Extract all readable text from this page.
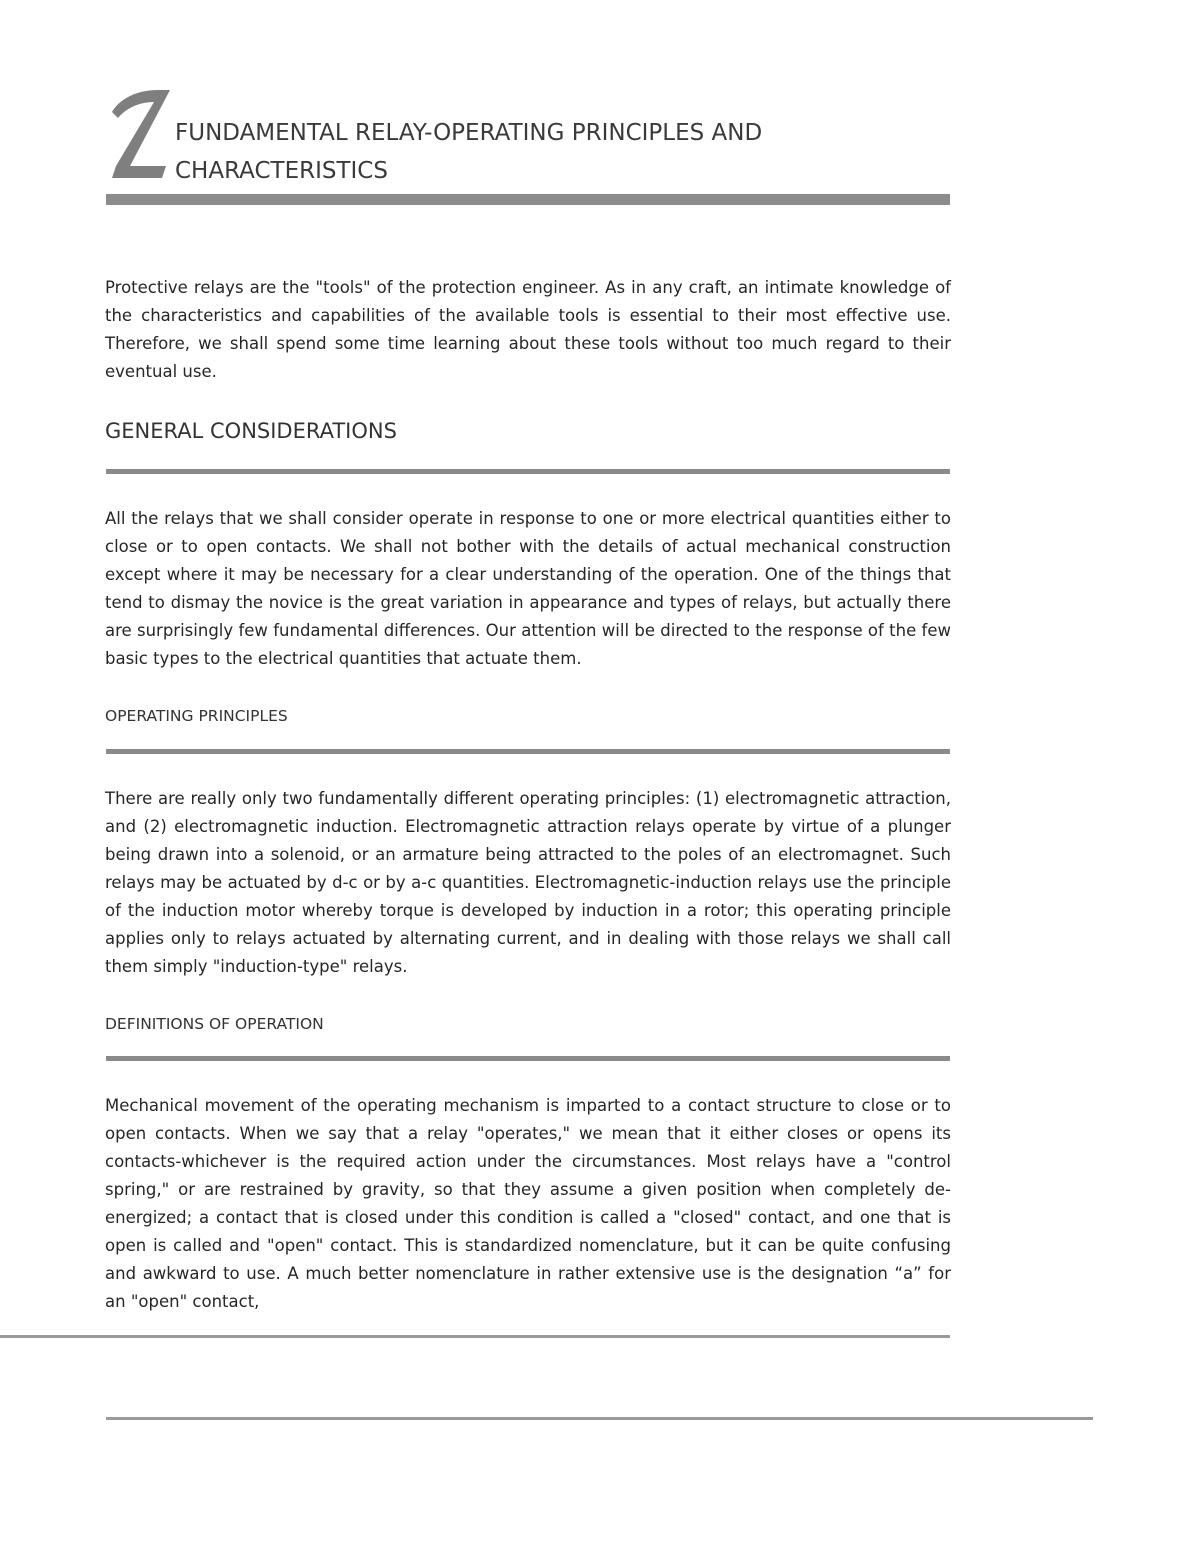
FUNDAMENTAL RELAY-OPERATING PRINCIPLES AND
CHARACTERISTICS

Protective relays are the "tools" of the protection engineer. As in any craft, an intimate knowledge of the characteristics and capabilities of the available tools is essential to their most effective use. Therefore, we shall spend some time learning about these tools without too much regard to their eventual use.

GENERAL CONSIDERATIONS

All the relays that we shall consider operate in response to one or more electrical quantities either to close or to open contacts. We shall not bother with the details of actual mechanical construction except where it may be necessary for a clear understanding of the operation. One of the things that tend to dismay the novice is the great variation in appearance and types of relays, but actually there are surprisingly few fundamental differences. Our attention will be directed to the response of the few basic types to the electrical quantities that actuate them.

OPERATING PRINCIPLES

There are really only two fundamentally different operating principles: (1) electromagnetic attraction, and (2) electromagnetic induction. Electromagnetic attraction relays operate by virtue of a plunger being drawn into a solenoid, or an armature being attracted to the poles of an electromagnet. Such relays may be actuated by d-c or by a-c quantities. Electromagnetic-induction relays use the principle of the induction motor whereby torque is developed by induction in a rotor; this operating principle applies only to relays actuated by alternating current, and in dealing with those relays we shall call them simply "induction-type" relays.

DEFINITIONS OF OPERATION

Mechanical movement of the operating mechanism is imparted to a contact structure to close or to open contacts. When we say that a relay "operates," we mean that it either closes or opens its contacts-whichever is the required action under the circumstances. Most relays have a "control spring," or are restrained by gravity, so that they assume a given position when completely de-energized; a contact that is closed under this condition is called a "closed" contact, and one that is open is called and "open" contact. This is standardized nomenclature, but it can be quite confusing and awkward to use. A much better nomenclature in rather extensive use is the designation “a” for an "open" contact,
